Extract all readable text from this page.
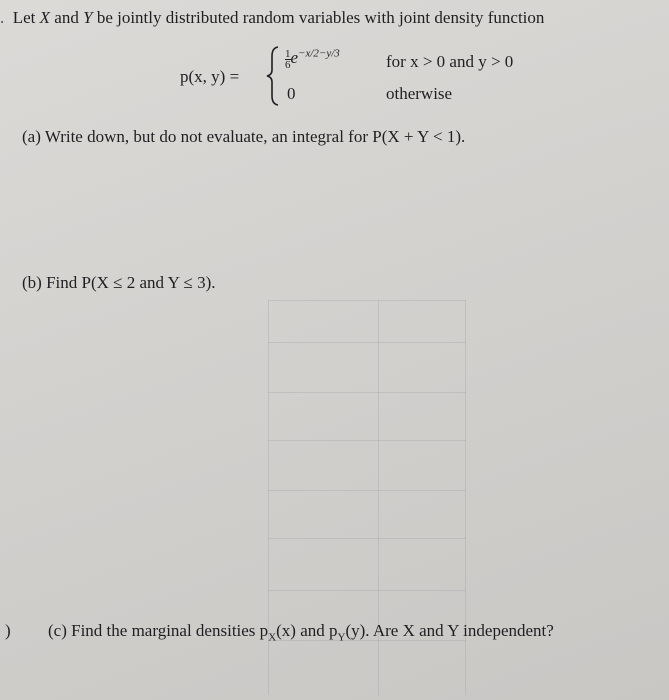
. Let X and Y be jointly distributed random variables with joint density function
p(x, y) =
$\frac{1}{6} e^{-x/2-y/3}$	for x > 0 and y > 0
0	otherwise
(a) Write down, but do not evaluate, an integral for P(X + Y < 1).
(b) Find P(X ≤ 2 and Y ≤ 3).
) (c) Find the marginal densities $p_X(x)$ and $p_Y(y)$. Are X and Y independent?
